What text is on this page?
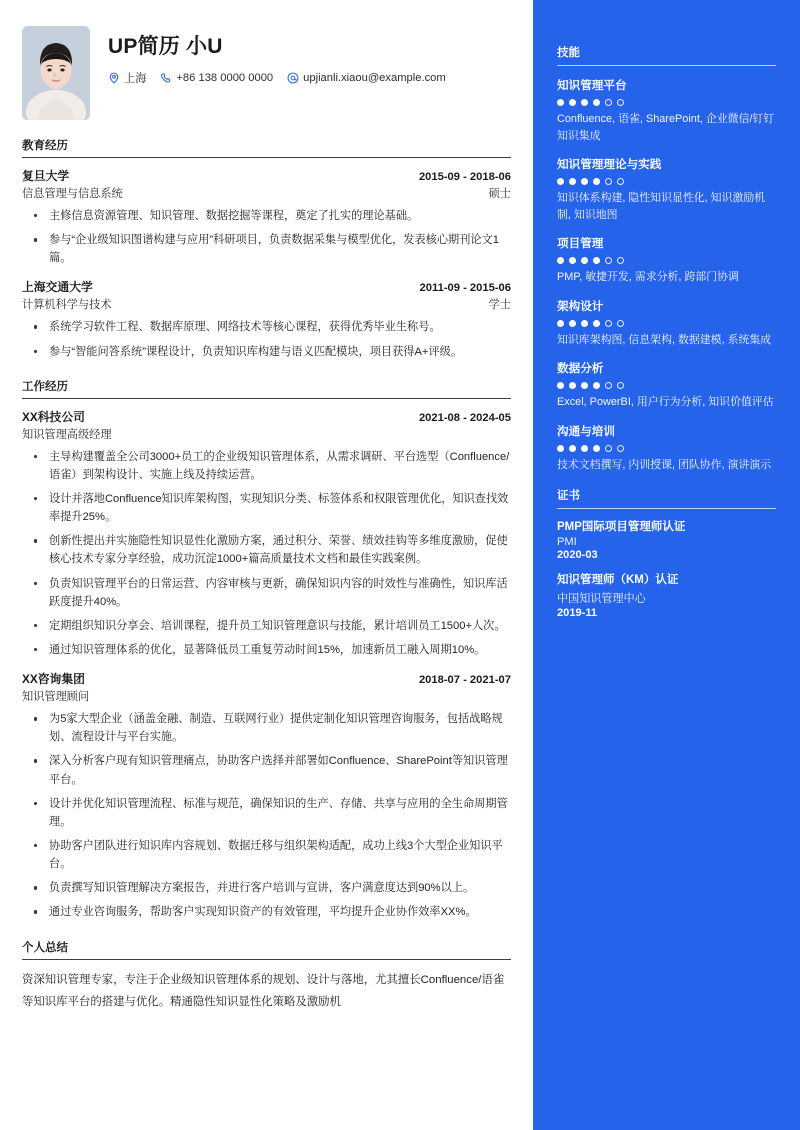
UP简历 小U
上海	+86 138 0000 0000	upjianli.xiaou@example.com
教育经历
复旦大学	2015-09 - 2018-06
信息管理与信息系统	硕士
主修信息资源管理、知识管理、数据挖掘等课程，奠定了扎实的理论基础。
参与“企业级知识图谱构建与应用”科研项目，负责数据采集与模型优化，发表核心期刊论文1篇。
上海交通大学	2011-09 - 2015-06
计算机科学与技术	学士
系统学习软件工程、数据库原理、网络技术等核心课程，获得优秀毕业生称号。
参与“智能问答系统”课程设计，负责知识库构建与语义匹配模块，项目获得A+评级。
工作经历
XX科技公司	2021-08 - 2024-05
知识管理高级经理
主导构建覆盖全公司3000+员工的企业级知识管理体系，从需求调研、平台选型（Confluence/语雀）到架构设计、实施上线及持续运营。
设计并落地Confluence知识库架构图，实现知识分类、标签体系和权限管理优化，知识查找效率提升25%。
创新性提出并实施隐性知识显性化激励方案，通过积分、荣誉、绩效挂钩等多维度激励，促使核心技术专家分享经验，成功沉淀1000+篇高质量技术文档和最佳实践案例。
负责知识管理平台的日常运营、内容审核与更新，确保知识内容的时效性与准确性，知识库活跃度提升40%。
定期组织知识分享会、培训课程，提升员工知识管理意识与技能，累计培训员工1500+人次。
通过知识管理体系的优化，显著降低员工重复劳动时间15%，加速新员工融入周期10%。
XX咨询集团	2018-07 - 2021-07
知识管理顾问
为5家大型企业（涵盖金融、制造、互联网行业）提供定制化知识管理咨询服务，包括战略规划、流程设计与平台实施。
深入分析客户现有知识管理痛点，协助客户选择并部署如Confluence、SharePoint等知识管理平台。
设计并优化知识管理流程、标准与规范，确保知识的生产、存储、共享与应用的全生命周期管理。
协助客户团队进行知识库内容规划、数据迁移与组织架构适配，成功上线3个大型企业知识平台。
负责撰写知识管理解决方案报告，并进行客户培训与宣讲，客户满意度达到90%以上。
通过专业咨询服务，帮助客户实现知识资产的有效管理，平均提升企业协作效率XX%。
个人总结
资深知识管理专家，专注于企业级知识管理体系的规划、设计与落地，尤其擅长Confluence/语雀等知识库平台的搭建与优化。精通隐性知识显性化策略及激励机
技能
知识管理平台
Confluence, 语雀, SharePoint, 企业微信/钉钉知识集成
知识管理理论与实践
知识体系构建, 隐性知识显性化, 知识激励机制, 知识地图
项目管理
PMP, 敏捷开发, 需求分析, 跨部门协调
架构设计
知识库架构图, 信息架构, 数据建模, 系统集成
数据分析
Excel, PowerBI, 用户行为分析, 知识价值评估
沟通与培训
技术文档撰写, 内训授课, 团队协作, 演讲演示
证书
PMP国际项目管理师认证
PMI
2020-03
知识管理师（KM）认证
中国知识管理中心
2019-11
